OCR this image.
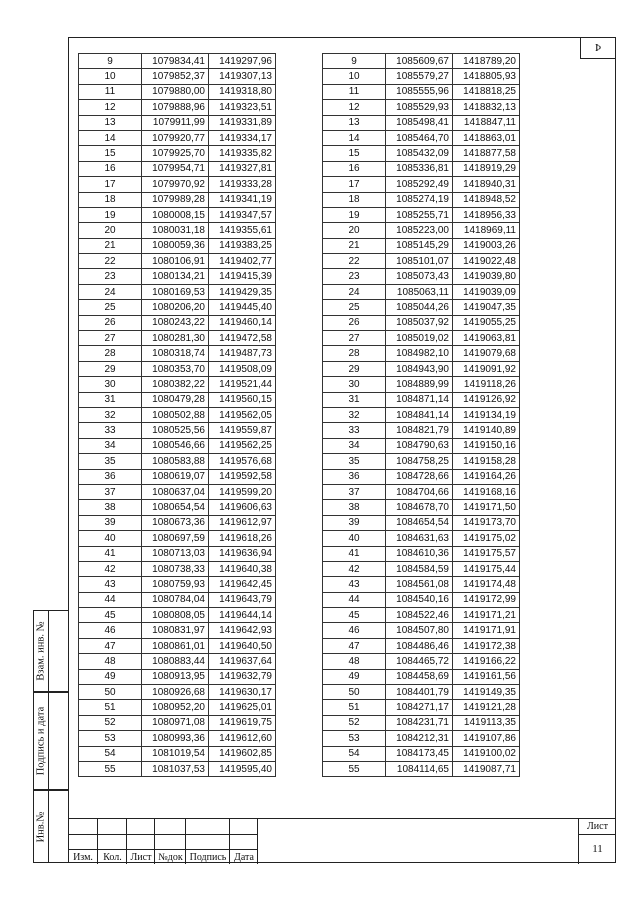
Þ
9	1079834,41	1419297,96
10	1079852,37	1419307,13
11	1079880,00	1419318,80
12	1079888,96	1419323,51
13	1079911,99	1419331,89
14	1079920,77	1419334,17
15	1079925,70	1419335,82
16	1079954,71	1419327,81
17	1079970,92	1419333,28
18	1079989,28	1419341,19
19	1080008,15	1419347,57
20	1080031,18	1419355,61
21	1080059,36	1419383,25
22	1080106,91	1419402,77
23	1080134,21	1419415,39
24	1080169,53	1419429,35
25	1080206,20	1419445,40
26	1080243,22	1419460,14
27	1080281,30	1419472,58
28	1080318,74	1419487,73
29	1080353,70	1419508,09
30	1080382,22	1419521,44
31	1080479,28	1419560,15
32	1080502,88	1419562,05
33	1080525,56	1419559,87
34	1080546,66	1419562,25
35	1080583,88	1419576,68
36	1080619,07	1419592,58
37	1080637,04	1419599,20
38	1080654,54	1419606,63
39	1080673,36	1419612,97
40	1080697,59	1419618,26
41	1080713,03	1419636,94
42	1080738,33	1419640,38
43	1080759,93	1419642,45
44	1080784,04	1419643,79
45	1080808,05	1419644,14
46	1080831,97	1419642,93
47	1080861,01	1419640,50
48	1080883,44	1419637,64
49	1080913,95	1419632,79
50	1080926,68	1419630,17
51	1080952,20	1419625,01
52	1080971,08	1419619,75
53	1080993,36	1419612,60
54	1081019,54	1419602,85
55	1081037,53	1419595,40
9	1085609,67	1418789,20
10	1085579,27	1418805,93
11	1085555,96	1418818,25
12	1085529,93	1418832,13
13	1085498,41	1418847,11
14	1085464,70	1418863,01
15	1085432,09	1418877,58
16	1085336,81	1418919,29
17	1085292,49	1418940,31
18	1085274,19	1418948,52
19	1085255,71	1418956,33
20	1085223,00	1418969,11
21	1085145,29	1419003,26
22	1085101,07	1419022,48
23	1085073,43	1419039,80
24	1085063,11	1419039,09
25	1085044,26	1419047,35
26	1085037,92	1419055,25
27	1085019,02	1419063,81
28	1084982,10	1419079,68
29	1084943,90	1419091,92
30	1084889,99	1419118,26
31	1084871,14	1419126,92
32	1084841,14	1419134,19
33	1084821,79	1419140,89
34	1084790,63	1419150,16
35	1084758,25	1419158,28
36	1084728,66	1419164,26
37	1084704,66	1419168,16
38	1084678,70	1419171,50
39	1084654,54	1419173,70
40	1084631,63	1419175,02
41	1084610,36	1419175,57
42	1084584,59	1419175,44
43	1084561,08	1419174,48
44	1084540,16	1419172,99
45	1084522,46	1419171,21
46	1084507,80	1419171,91
47	1084486,46	1419172,38
48	1084465,72	1419166,22
49	1084458,69	1419161,56
50	1084401,79	1419149,35
51	1084271,17	1419121,28
52	1084231,71	1419113,35
53	1084212,31	1419107,86
54	1084173,45	1419100,02
55	1084114,65	1419087,71
Взам. инв. №
Подпись и дата
Инв.№
Изм.	Кол. Лист №док Подпись Дата
Лист
11
